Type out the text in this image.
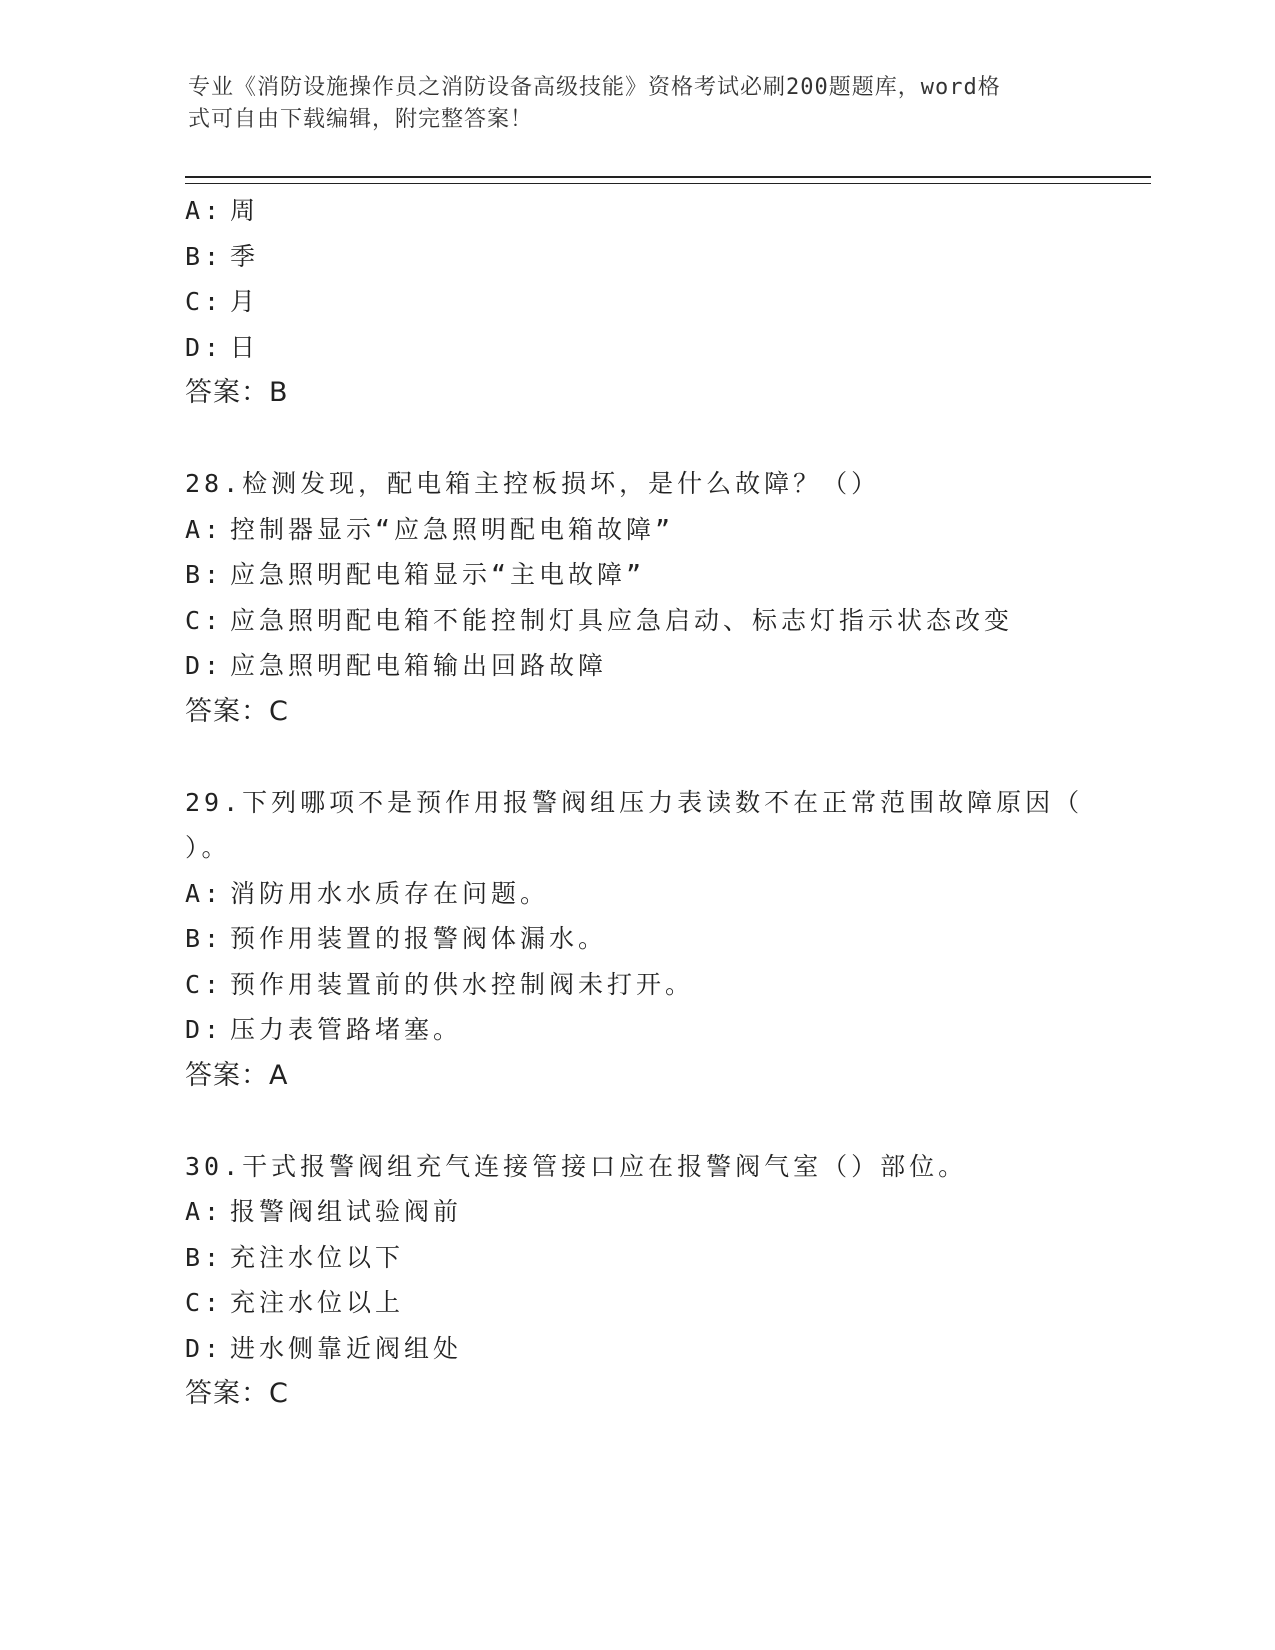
专业《消防设施操作员之消防设备高级技能》资格考试必刷200题题库，word格
式可自由下载编辑，附完整答案！
A: 周
B: 季
C: 月
D: 日
答案：B
28.检测发现，配电箱主控板损坏，是什么故障？（）
A: 控制器显示“应急照明配电箱故障”
B: 应急照明配电箱显示“主电故障”
C: 应急照明配电箱不能控制灯具应急启动、标志灯指示状态改变
D: 应急照明配电箱输出回路故障
答案：C
29.下列哪项不是预作用报警阀组压力表读数不在正常范围故障原因（
）。
A: 消防用水水质存在问题。
B: 预作用装置的报警阀体漏水。
C: 预作用装置前的供水控制阀未打开。
D: 压力表管路堵塞。
答案：A
30.干式报警阀组充气连接管接口应在报警阀气室（）部位。
A: 报警阀组试验阀前
B: 充注水位以下
C: 充注水位以上
D: 进水侧靠近阀组处
答案：C
